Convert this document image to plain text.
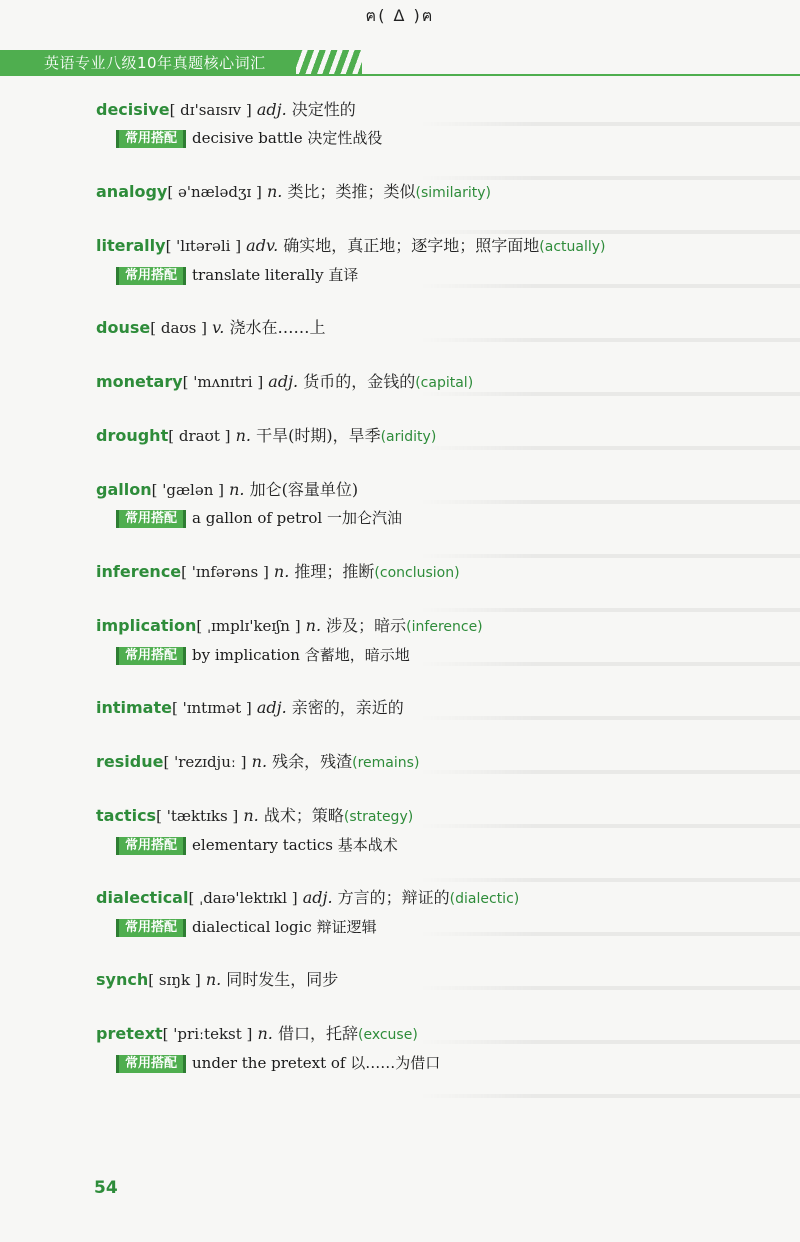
ฅ( Δ )ฅ
英语专业八级10年真题核心词汇
decisive[ dɪ'saɪsɪv ] adj. 决定性的
常用搭配 decisive battle 决定性战役
analogy[ ə'nælədʒɪ ] n. 类比；类推；类似(similarity)
literally[ 'lɪtərəli ] adv. 确实地，真正地；逐字地；照字面地(actually)
常用搭配 translate literally 直译
douse[ daʊs ] v. 浇水在……上
monetary[ 'mʌnɪtri ] adj. 货币的，金钱的(capital)
drought[ draʊt ] n. 干旱(时期)，旱季(aridity)
gallon[ 'gælən ] n. 加仑(容量单位)
常用搭配 a gallon of petrol 一加仑汽油
inference[ 'ɪnfərəns ] n. 推理；推断(conclusion)
implication[ ˌɪmplɪ'keɪʃn ] n. 涉及；暗示(inference)
常用搭配 by implication 含蓄地，暗示地
intimate[ 'ɪntɪmət ] adj. 亲密的，亲近的
residue[ 'rezɪdjuː ] n. 残余，残渣(remains)
tactics[ 'tæktɪks ] n. 战术；策略(strategy)
常用搭配 elementary tactics 基本战术
dialectical[ ˌdaɪə'lektɪkl ] adj. 方言的；辩证的(dialectic)
常用搭配 dialectical logic 辩证逻辑
synch[ sɪŋk ] n. 同时发生，同步
pretext[ 'priːtekst ] n. 借口，托辞(excuse)
常用搭配 under the pretext of 以……为借口
54
